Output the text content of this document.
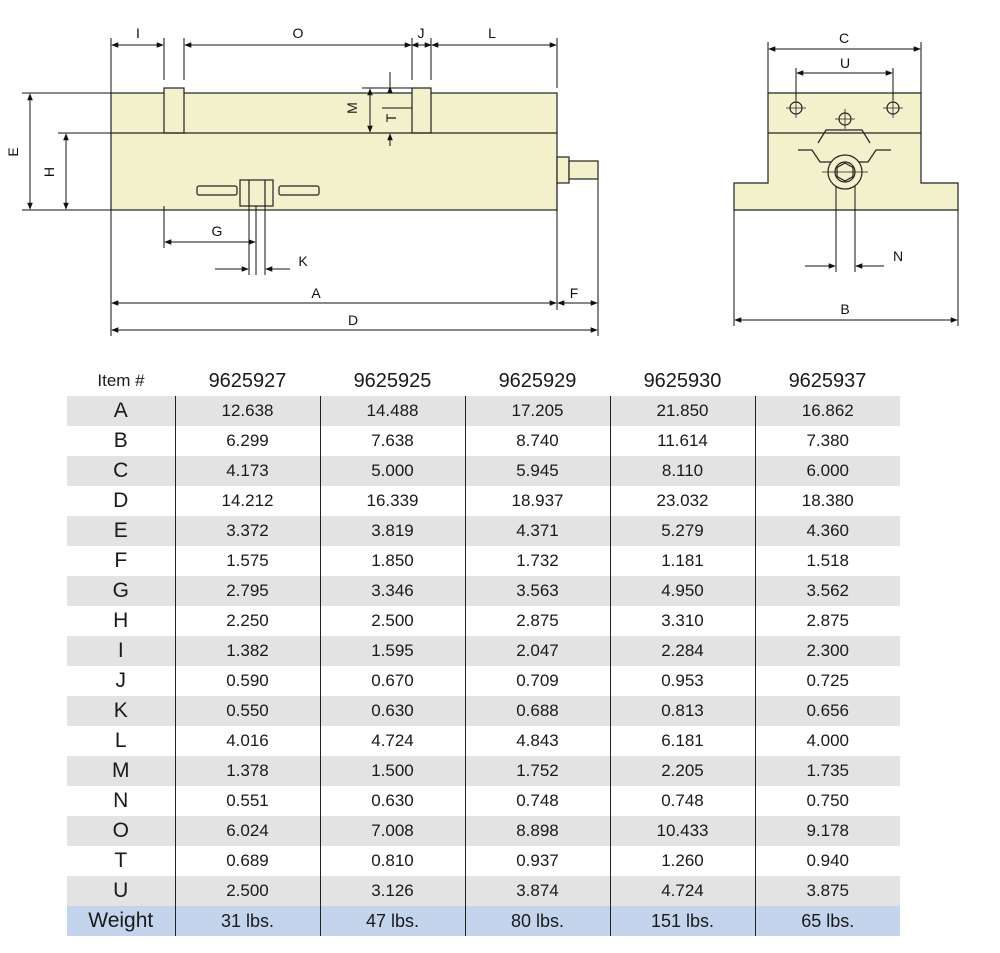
I	O	J	L
M
T
E
H
G
K
A	F
D
C
U
N
B
Item #	9625927	9625925	9625929	9625930	9625937
A	12.638	14.488	17.205	21.850	16.862
B	6.299	7.638	8.740	11.614	7.380
C	4.173	5.000	5.945	8.110	6.000
D	14.212	16.339	18.937	23.032	18.380
E	3.372	3.819	4.371	5.279	4.360
F	1.575	1.850	1.732	1.181	1.518
G	2.795	3.346	3.563	4.950	3.562
H	2.250	2.500	2.875	3.310	2.875
I	1.382	1.595	2.047	2.284	2.300
J	0.590	0.670	0.709	0.953	0.725
K	0.550	0.630	0.688	0.813	0.656
L	4.016	4.724	4.843	6.181	4.000
M	1.378	1.500	1.752	2.205	1.735
N	0.551	0.630	0.748	0.748	0.750
O	6.024	7.008	8.898	10.433	9.178
T	0.689	0.810	0.937	1.260	0.940
U	2.500	3.126	3.874	4.724	3.875
Weight	31 lbs.	47 lbs.	80 lbs.	151 lbs.	65 lbs.
